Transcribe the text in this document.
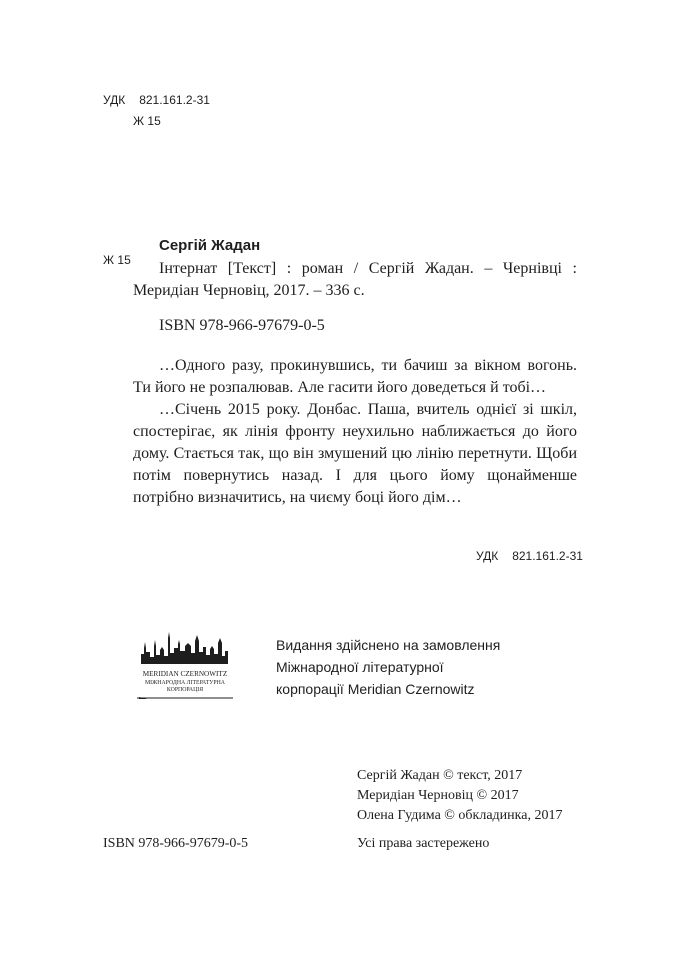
УДК 821.161.2-31
Ж 15
Ж 15
Сергій Жадан
Інтернат [Текст] : роман / Сергій Жадан. – Чернівці : Меридіан Черновіц, 2017. – 336 с.
ISBN 978-966-97679-0-5

…Одного разу, прокинувшись, ти бачиш за вікном вогонь. Ти його не розпалював. Але гасити його доведеться й тобі…

…Січень 2015 року. Донбас. Паша, вчитель однієї зі шкіл, спостерігає, як лінія фронту неухильно наближається до його дому. Стається так, що він змушений цю лінію перетнути. Щоби потім повернутись назад. І для цього йому щонайменше потрібно визначитись, на чиєму боці його дім…

УДК 821.161.2-31
MERIDIAN CZERNOWITZ
МІЖНАРОДНА ЛІТЕРАТУРНА
КОРПОРАЦІЯ
Видання здійснено на замовлення
Міжнародної літературної
корпорації Meridian Czernowitz
Сергій Жадан © текст, 2017
Меридіан Черновіц © 2017
Олена Гудима © обкладинка, 2017
ISBN 978-966-97679-0-5	Усі права застережено
